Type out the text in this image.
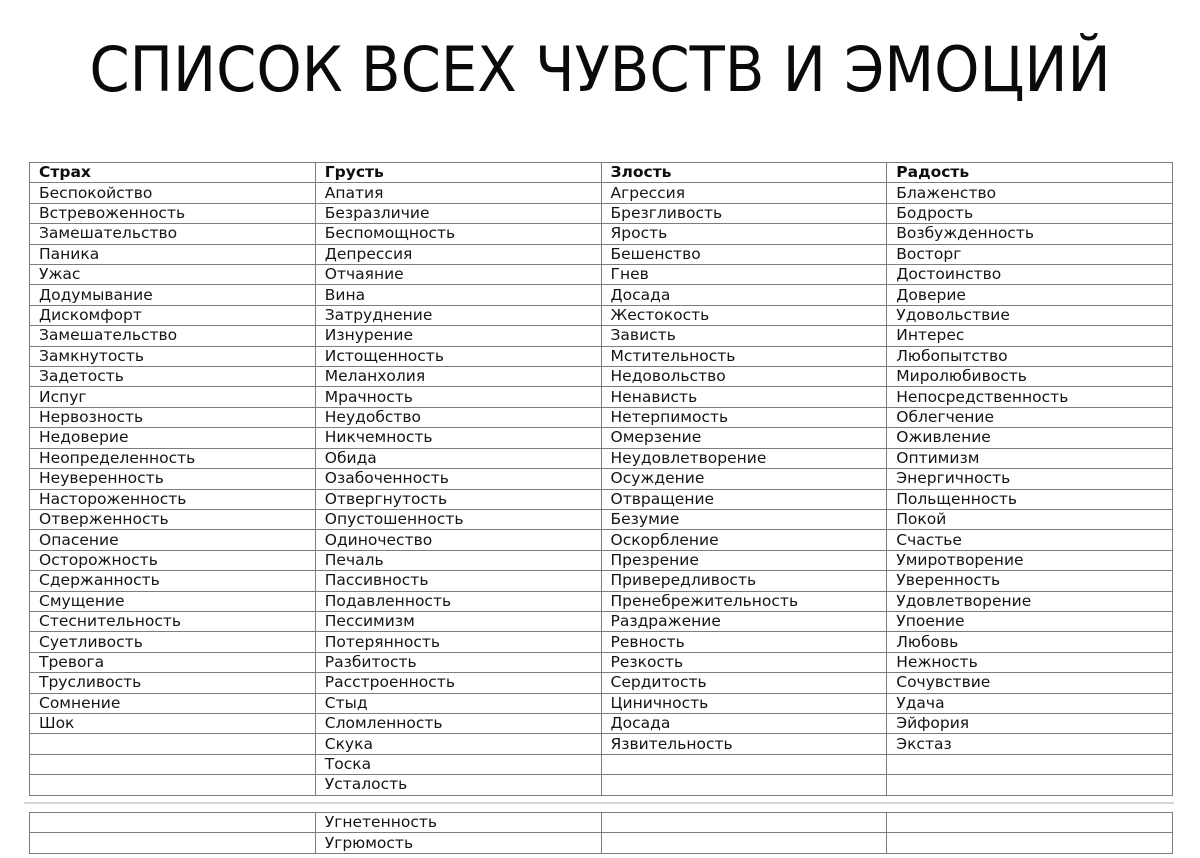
СПИСОК ВСЕХ ЧУВСТВ И ЭМОЦИЙ
Страх	Грусть	Злость	Радость
Беспокойство	Апатия	Агрессия	Блаженство
Встревоженность	Безразличие	Брезгливость	Бодрость
Замешательство	Беспомощность	Ярость	Возбужденность
Паника	Депрессия	Бешенство	Восторг
Ужас	Отчаяние	Гнев	Достоинство
Додумывание	Вина	Досада	Доверие
Дискомфорт	Затруднение	Жестокость	Удовольствие
Замешательство	Изнурение	Зависть	Интерес
Замкнутость	Истощенность	Мстительность	Любопытство
Задетость	Меланхолия	Недовольство	Миролюбивость
Испуг	Мрачность	Ненависть	Непосредственность
Нервозность	Неудобство	Нетерпимость	Облегчение
Недоверие	Никчемность	Омерзение	Оживление
Неопределенность	Обида	Неудовлетворение	Оптимизм
Неуверенность	Озабоченность	Осуждение	Энергичность
Настороженность	Отвергнутость	Отвращение	Польщенность
Отверженность	Опустошенность	Безумие	Покой
Опасение	Одиночество	Оскорбление	Счастье
Осторожность	Печаль	Презрение	Умиротворение
Сдержанность	Пассивность	Привередливость	Уверенность
Смущение	Подавленность	Пренебрежительность	Удовлетворение
Стеснительность	Пессимизм	Раздражение	Упоение
Суетливость	Потерянность	Ревность	Любовь
Тревога	Разбитость	Резкость	Нежность
Трусливость	Расстроенность	Сердитость	Сочувствие
Сомнение	Стыд	Циничность	Удача
Шок	Сломленность	Досада	Эйфория
	Скука	Язвительность	Экстаз
	Тоска		
	Усталость		
	Угнетенность		
	Угрюмость		
